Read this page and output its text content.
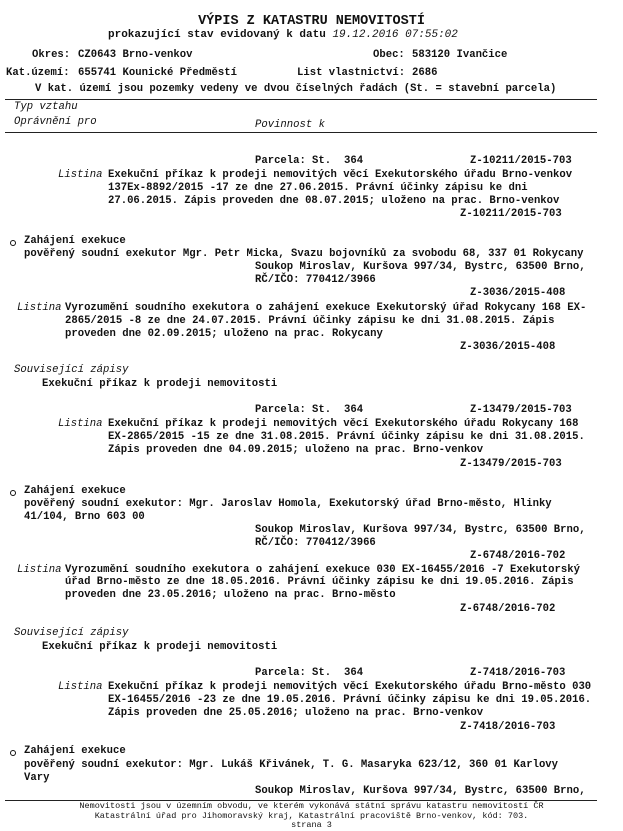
VÝPIS Z KATASTRU NEMOVITOSTÍ
prokazující stav evidovaný k datu 19.12.2016 07:55:02
Okres: CZ0643 Brno-venkov	Obec: 583120 Ivančice
Kat.území: 655741 Kounické Předměstí	List vlastnictví: 2686
V kat. území jsou pozemky vedeny ve dvou číselných řadách (St. = stavební parcela)
Typ vztahu
Oprávnění pro	Povinnost k
Parcela: St. 364	Z-10211/2015-703
Listina Exekuční příkaz k prodeji nemovitých věcí Exekutorského úřadu Brno-venkov
137Ex-8892/2015 -17 ze dne 27.06.2015. Právní účinky zápisu ke dni
27.06.2015. Zápis proveden dne 08.07.2015; uloženo na prac. Brno-venkov
Z-10211/2015-703
Zahájení exekuce
pověřený soudní exekutor Mgr. Petr Micka, Svazu bojovníků za svobodu 68, 337 01 Rokycany
Soukop Miroslav, Kuršova 997/34, Bystrc, 63500 Brno,
RČ/IČO: 770412/3966
Z-3036/2015-408
Listina Vyrozumění soudního exekutora o zahájení exekuce Exekutorský úřad Rokycany 168 EX-
2865/2015 -8 ze dne 24.07.2015. Právní účinky zápisu ke dni 31.08.2015. Zápis
proveden dne 02.09.2015; uloženo na prac. Rokycany
Z-3036/2015-408
Související zápisy
Exekuční příkaz k prodeji nemovitosti
Parcela: St. 364	Z-13479/2015-703
Listina Exekuční příkaz k prodeji nemovitých věcí Exekutorského úřadu Rokycany 168
EX-2865/2015 -15 ze dne 31.08.2015. Právní účinky zápisu ke dni 31.08.2015.
Zápis proveden dne 04.09.2015; uloženo na prac. Brno-venkov
Z-13479/2015-703
Zahájení exekuce
pověřený soudní exekutor: Mgr. Jaroslav Homola, Exekutorský úřad Brno-město, Hlinky
41/104, Brno 603 00
Soukop Miroslav, Kuršova 997/34, Bystrc, 63500 Brno,
RČ/IČO: 770412/3966
Z-6748/2016-702
Listina Vyrozumění soudního exekutora o zahájení exekuce 030 EX-16455/2016 -7 Exekutorský
úřad Brno-město ze dne 18.05.2016. Právní účinky zápisu ke dni 19.05.2016. Zápis
proveden dne 23.05.2016; uloženo na prac. Brno-město
Z-6748/2016-702
Související zápisy
Exekuční příkaz k prodeji nemovitosti
Parcela: St. 364	Z-7418/2016-703
Listina Exekuční příkaz k prodeji nemovitých věcí Exekutorského úřadu Brno-město 030
EX-16455/2016 -23 ze dne 19.05.2016. Právní účinky zápisu ke dni 19.05.2016.
Zápis proveden dne 25.05.2016; uloženo na prac. Brno-venkov
Z-7418/2016-703
Zahájení exekuce
pověřený soudní exekutor: Mgr. Lukáš Křivánek, T. G. Masaryka 623/12, 360 01 Karlovy
Vary
Soukop Miroslav, Kuršova 997/34, Bystrc, 63500 Brno,
Nemovitosti jsou v územním obvodu, ve kterém vykonává státní správu katastru nemovitostí ČR
Katastrální úřad pro Jihomoravský kraj, Katastrální pracoviště Brno-venkov, kód: 703.
strana 3
